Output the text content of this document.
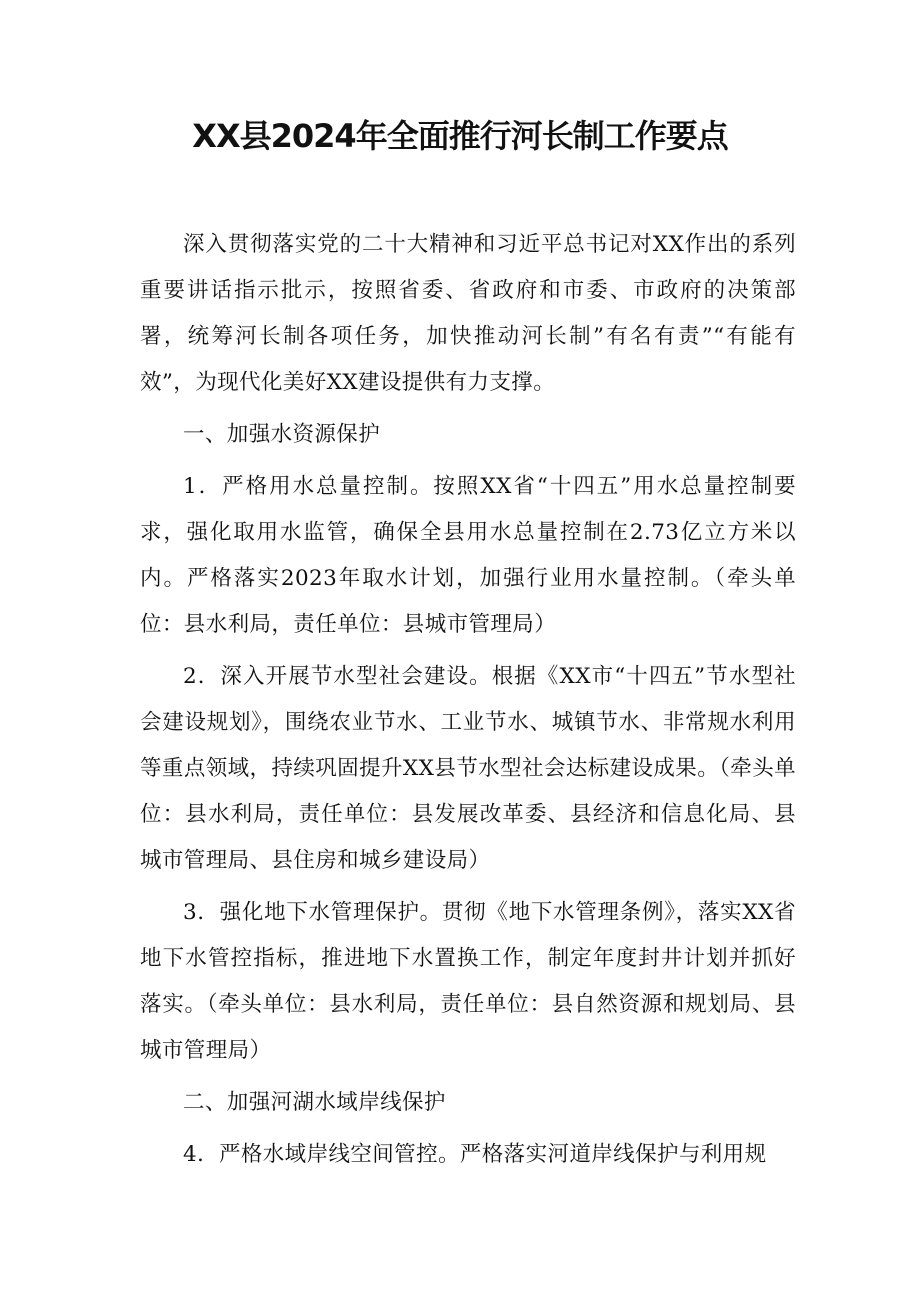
XX县2024年全面推行河长制工作要点

深入贯彻落实党的二十大精神和习近平总书记对XX作出的系列重要讲话指示批示，按照省委、省政府和市委、市政府的决策部署，统筹河长制各项任务，加快推动河长制”有名有责”“有能有效”，为现代化美好XX建设提供有力支撑。

一、加强水资源保护

1．严格用水总量控制。按照XX省“十四五”用水总量控制要求，强化取用水监管，确保全县用水总量控制在2.73亿立方米以内。严格落实2023年取水计划，加强行业用水量控制。（牵头单位：县水利局，责任单位：县城市管理局）

2．深入开展节水型社会建设。根据《XX市“十四五”节水型社会建设规划》，围绕农业节水、工业节水、城镇节水、非常规水利用等重点领域，持续巩固提升XX县节水型社会达标建设成果。（牵头单位：县水利局，责任单位：县发展改革委、县经济和信息化局、县城市管理局、县住房和城乡建设局）

3．强化地下水管理保护。贯彻《地下水管理条例》，落实XX省地下水管控指标，推进地下水置换工作，制定年度封井计划并抓好落实。（牵头单位：县水利局，责任单位：县自然资源和规划局、县城市管理局）

二、加强河湖水域岸线保护

4．严格水域岸线空间管控。严格落实河道岸线保护与利用规
